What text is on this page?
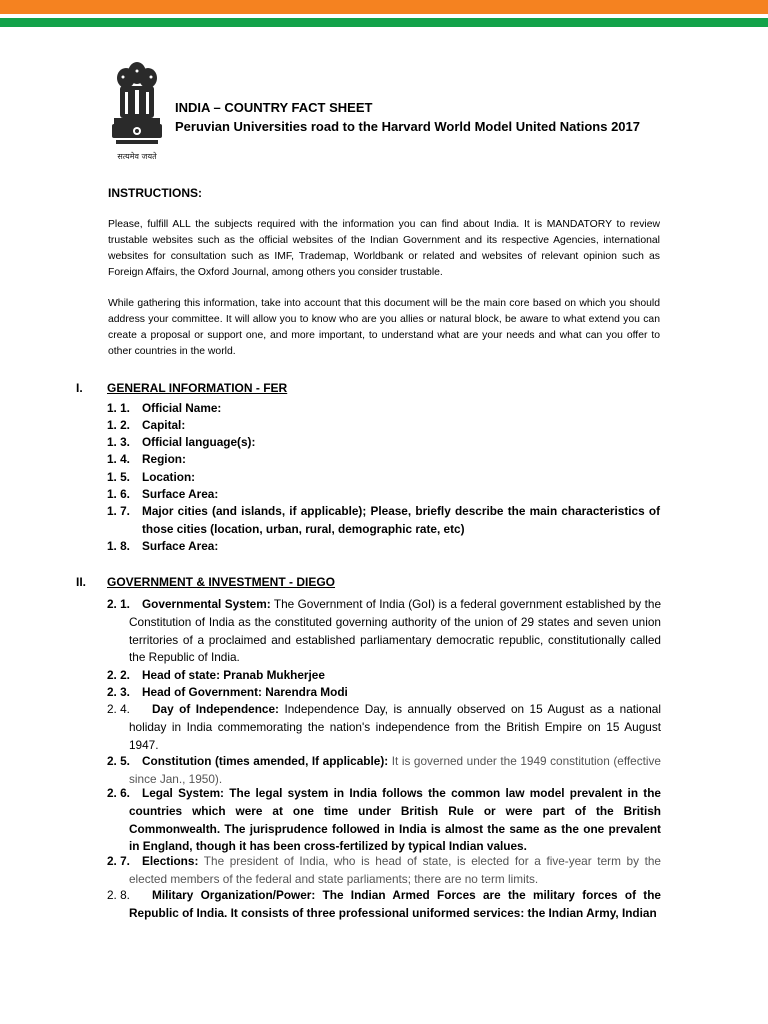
सत्यमेव जयते
INDIA – COUNTRY FACT SHEET
Peruvian Universities road to the Harvard World Model United Nations 2017
INSTRUCTIONS:
Please, fulfill ALL the subjects required with the information you can find about India. It is MANDATORY to review trustable websites such as the official websites of the Indian Government and its respective Agencies, international websites for consultation such as IMF, Trademap, Worldbank or related and websites of relevant opinion such as Foreign Affairs, the Oxford Journal, among others you consider trustable.
While gathering this information, take into account that this document will be the main core based on which you should address your committee. It will allow you to know who are you allies or natural block, be aware to what extend you can create a proposal or support one, and more important, to understand what are your needs and what can you offer to other countries in the world.
I. GENERAL INFORMATION - FER
1. 1.	Official Name:
1. 2.	Capital:
1. 3.	Official language(s):
1. 4.	Region:
1. 5.	Location:
1. 6.	Surface Area:
1. 7.	Major cities (and islands, if applicable); Please, briefly describe the main characteristics of those cities (location, urban, rural, demographic rate, etc)
1. 8.	Surface Area:
II. GOVERNMENT & INVESTMENT - DIEGO
2. 1.	Governmental System: The Government of India (GoI) is a federal government established by the Constitution of India as the constituted governing authority of the union of 29 states and seven union territories of a proclaimed and established parliamentary democratic republic, constitutionally called the Republic of India.
2. 2.	Head of state: Pranab Mukherjee
2. 3.	Head of Government: Narendra Modi
2. 4.	Day of Independence: Independence Day, is annually observed on 15 August as a national holiday in India commemorating the nation's independence from the British Empire on 15 August 1947.
2. 5.	Constitution (times amended, If applicable): It is governed under the 1949 constitution (effective since Jan., 1950).
2. 6.	Legal System: The legal system in India follows the common law model prevalent in the countries which were at one time under British Rule or were part of the British Commonwealth. The jurisprudence followed in India is almost the same as the one prevalent in England, though it has been cross-fertilized by typical Indian values.
2. 7.	Elections: The president of India, who is head of state, is elected for a five-year term by the elected members of the federal and state parliaments; there are no term limits.
2. 8.	Military Organization/Power: The Indian Armed Forces are the military forces of the Republic of India. It consists of three professional uniformed services: the Indian Army, Indian
